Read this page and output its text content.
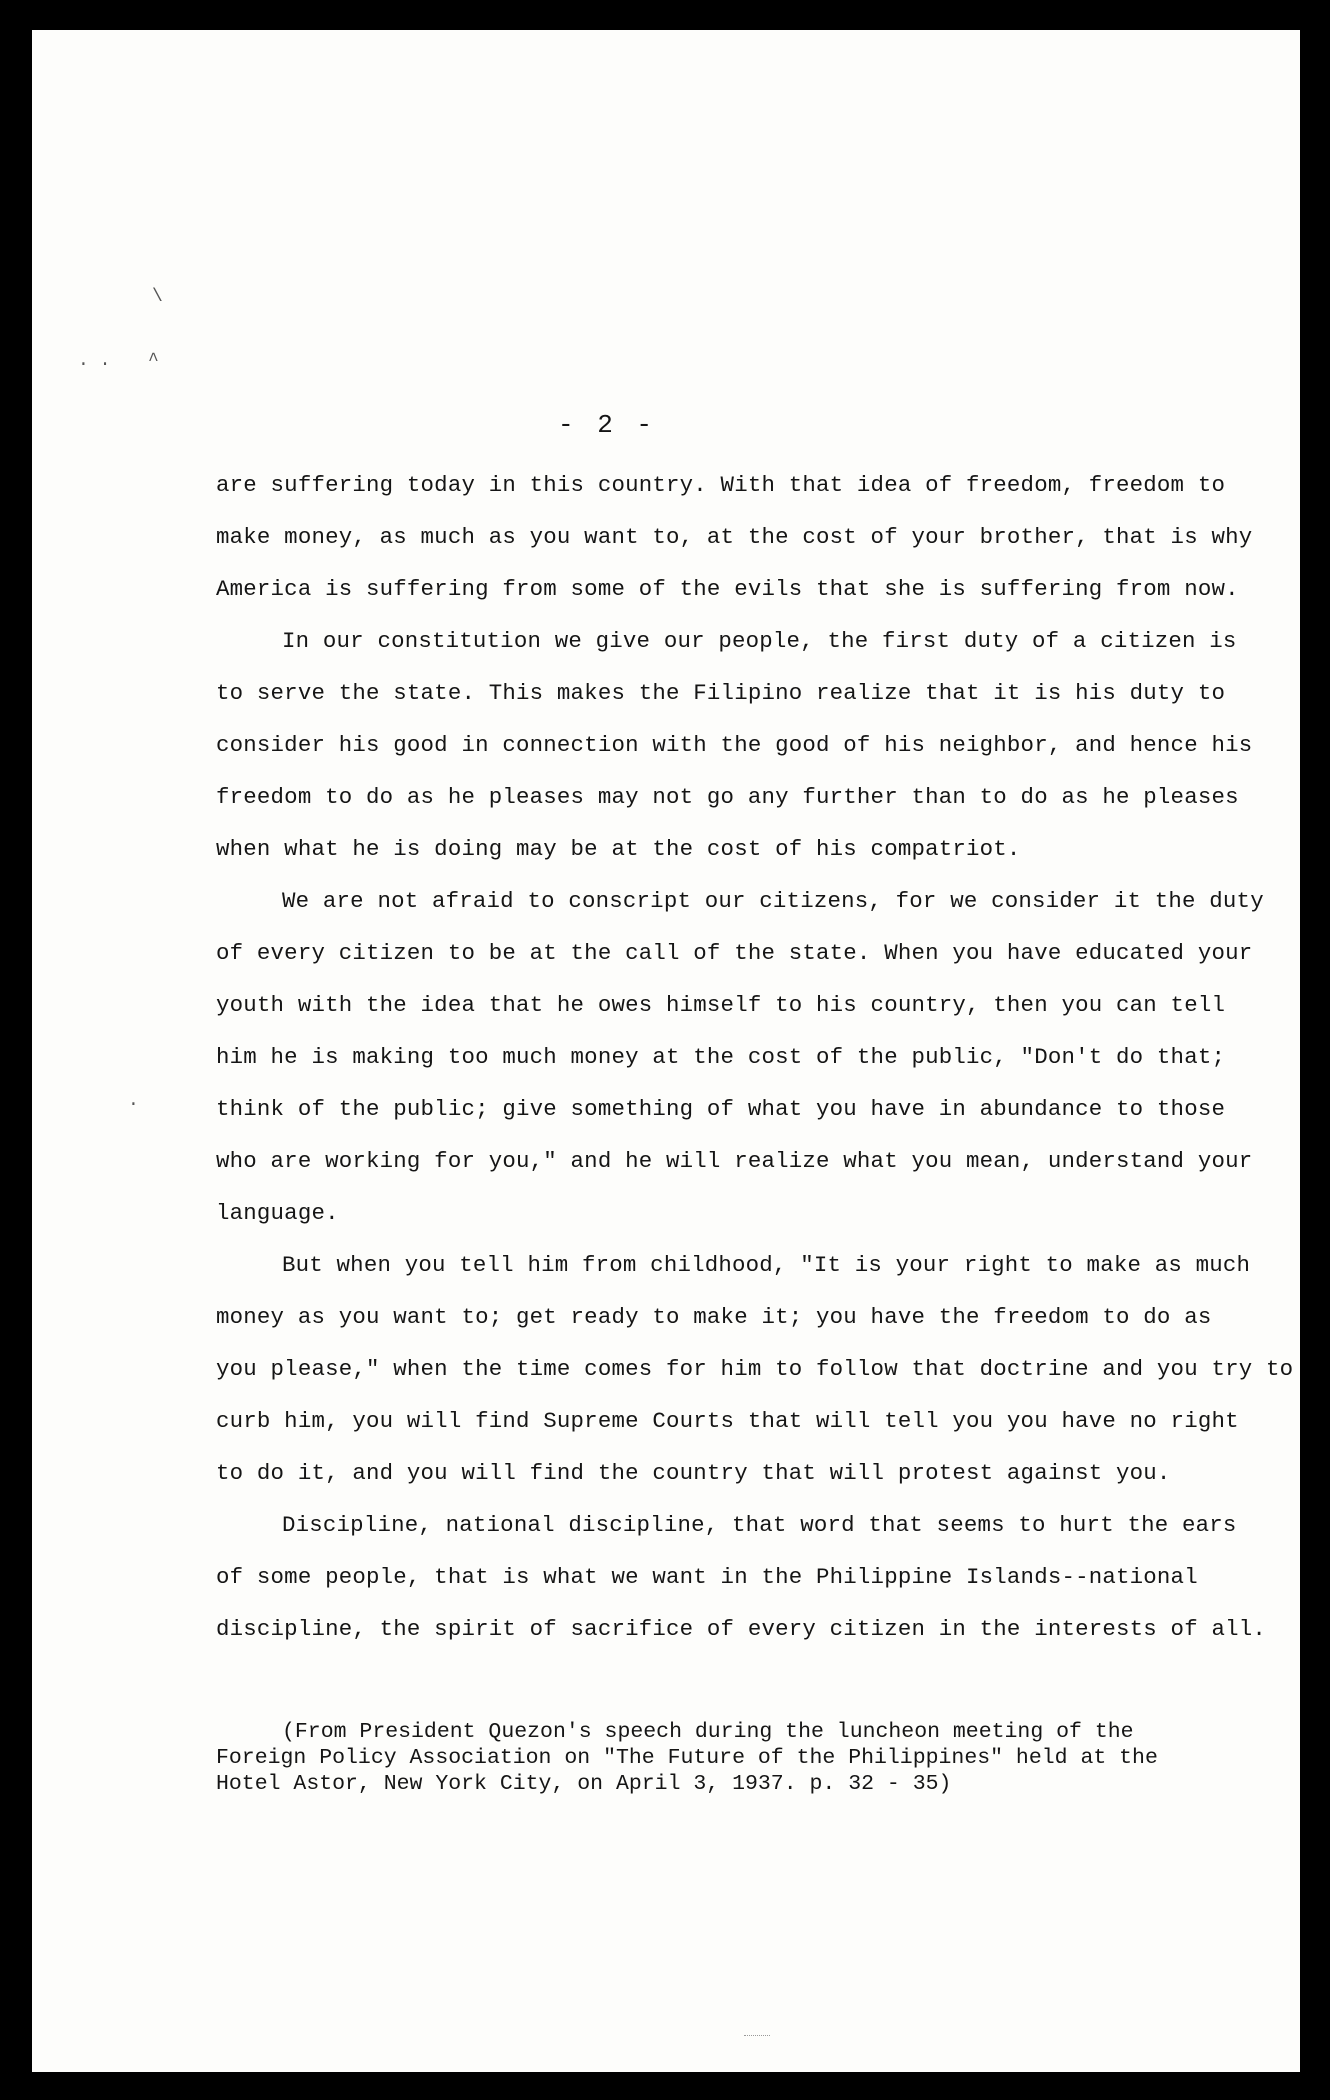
\
. . ^
·
- 2 -
are suffering today in this country. With that idea of freedom, freedom to
make money, as much as you want to, at the cost of your brother, that is why
America is suffering from some of the evils that she is suffering from now.
In our constitution we give our people, the first duty of a citizen is
to serve the state. This makes the Filipino realize that it is his duty to
consider his good in connection with the good of his neighbor, and hence his
freedom to do as he pleases may not go any further than to do as he pleases
when what he is doing may be at the cost of his compatriot.
We are not afraid to conscript our citizens, for we consider it the duty
of every citizen to be at the call of the state. When you have educated your
youth with the idea that he owes himself to his country, then you can tell
him he is making too much money at the cost of the public, "Don't do that;
think of the public; give something of what you have in abundance to those
who are working for you," and he will realize what you mean, understand your
language.
But when you tell him from childhood, "It is your right to make as much
money as you want to; get ready to make it; you have the freedom to do as
you please," when the time comes for him to follow that doctrine and you try to
curb him, you will find Supreme Courts that will tell you you have no right
to do it, and you will find the country that will protest against you.
Discipline, national discipline, that word that seems to hurt the ears
of some people, that is what we want in the Philippine Islands--national
discipline, the spirit of sacrifice of every citizen in the interests of all.
(From President Quezon's speech during the luncheon meeting of the
Foreign Policy Association on "The Future of the Philippines" held at the
Hotel Astor, New York City, on April 3, 1937. p. 32 - 35)
